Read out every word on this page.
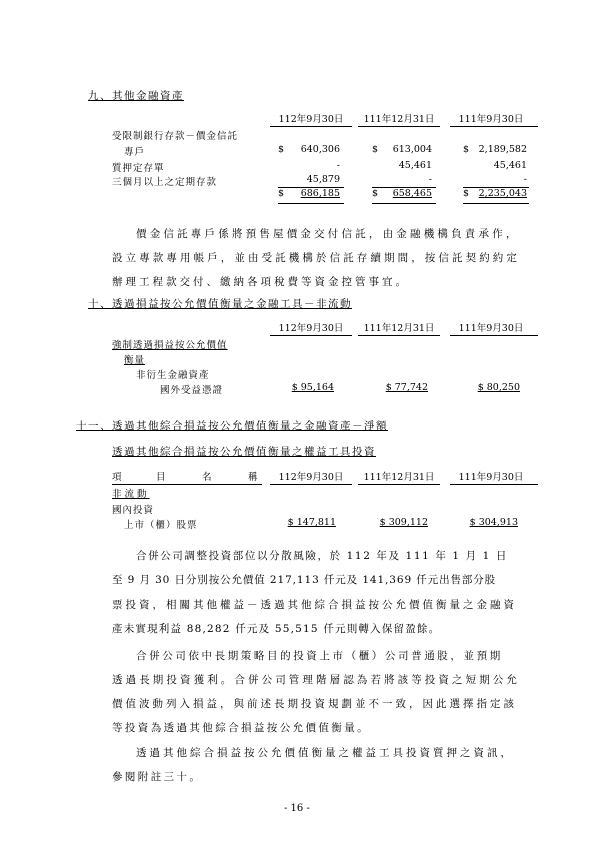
九、其他金融資產
112年9月30日	111年12月31日	111年9月30日
受限制銀行存款－價金信託
專戶	$	640,306	$	613,004	$	2,189,582
質押定存單	-	45,461	45,461
三個月以上之定期存款	45,879	-	-
$	686,185	$	658,465	$	2,235,043
價金信託專戶係將預售屋價金交付信託，由金融機構負責承作，
設立專款專用帳戶，並由受託機構於信託存續期間，按信託契約約定
辦理工程款交付、繳納各項稅費等資金控管事宜。
十、透過損益按公允價值衡量之金融工具－非流動
112年9月30日	111年12月31日	111年9月30日
強制透過損益按公允價值
衡量
非衍生金融資產
國外受益憑證	$ 95,164	$ 77,742	$ 80,250
十一、透過其他綜合損益按公允價值衡量之金融資產－淨額
透過其他綜合損益按公允價值衡量之權益工具投資
項	目	名	稱	112年9月30日	111年12月31日	111年9月30日
非流動
國內投資
上市（櫃）股票	$ 147,811	$ 309,112	$ 304,913
合併公司調整投資部位以分散風險，於 112 年及 111 年 1 月 1 日
至 9 月 30 日分別按公允價值 217,113 仟元及 141,369 仟元出售部分股
票投資，相關其他權益－透過其他綜合損益按公允價值衡量之金融資
產未實現利益 88,282 仟元及 55,515 仟元則轉入保留盈餘。
合併公司依中長期策略目的投資上市（櫃）公司普通股，並預期
透過長期投資獲利。合併公司管理階層認為若將該等投資之短期公允
價值波動列入損益，與前述長期投資規劃並不一致，因此選擇指定該
等投資為透過其他綜合損益按公允價值衡量。
透過其他綜合損益按公允價值衡量之權益工具投資質押之資訊，
參閱附註三十。
- 16 -
